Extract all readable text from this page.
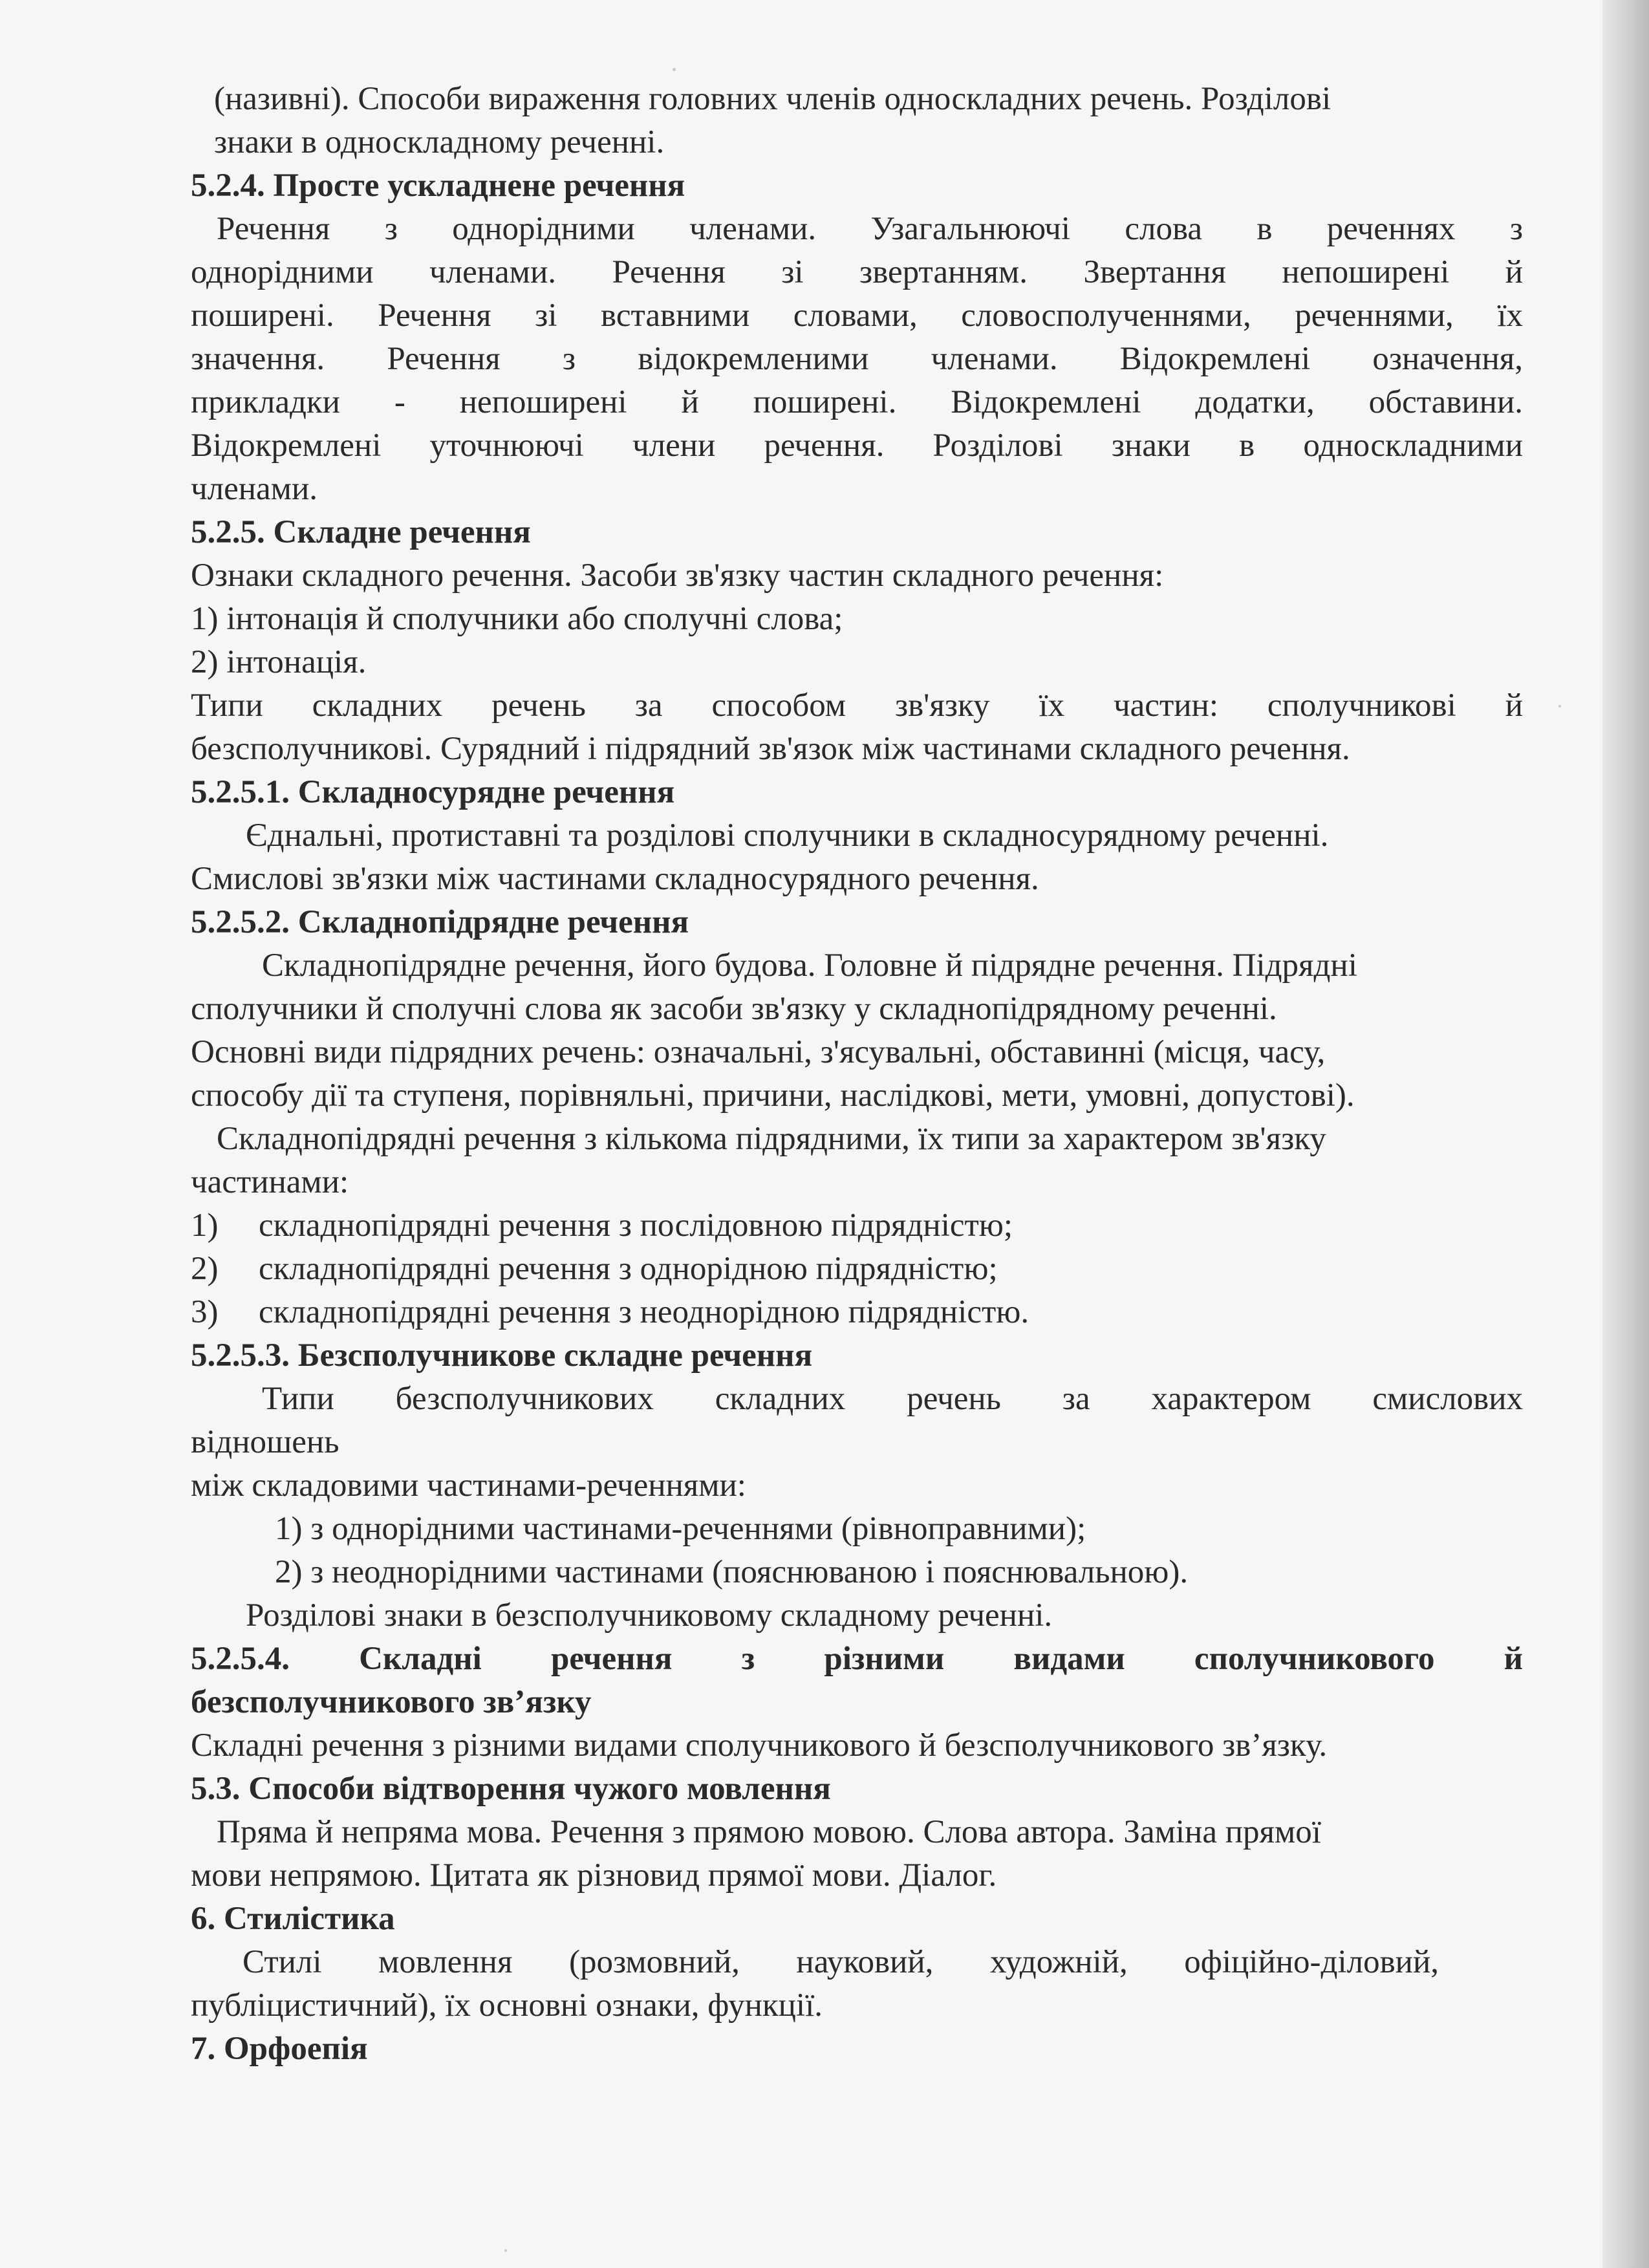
(називні). Способи вираження головних членів односкладних речень. Розділові
знаки в односкладному реченні.
5.2.4. Просте ускладнене речення
Речення з однорідними членами. Узагальнюючі слова в реченнях з
однорідними членами. Речення зі звертанням. Звертання непоширені й
поширені. Речення зі вставними словами, словосполученнями, реченнями, їх
значення. Речення з відокремленими членами. Відокремлені означення,
прикладки - непоширені й поширені. Відокремлені додатки, обставини.
Відокремлені уточнюючі члени речення. Розділові знаки в односкладними
членами.
5.2.5. Складне речення
Ознаки складного речення. Засоби зв'язку частин складного речення:
1) інтонація й сполучники або сполучні слова;
2) інтонація.
Типи складних речень за способом зв'язку їх частин: сполучникові й
безсполучникові. Сурядний і підрядний зв'язок між частинами складного речення.
5.2.5.1. Складносурядне речення
Єднальні, протиставні та розділові сполучники в складносурядному реченні.
Смислові зв'язки між частинами складносурядного речення.
5.2.5.2. Складнопідрядне речення
Складнопідрядне речення, його будова. Головне й підрядне речення. Підрядні
сполучники й сполучні слова як засоби зв'язку у складнопідрядному реченні.
Основні види підрядних речень: означальні, з'ясувальні, обставинні (місця, часу,
способу дії та ступеня, порівняльні, причини, наслідкові, мети, умовні, допустові).
Складнопідрядні речення з кількома підрядними, їх типи за характером зв'язку
частинами:
1) складнопідрядні речення з послідовною підрядністю;
2) складнопідрядні речення з однорідною підрядністю;
3) складнопідрядні речення з неоднорідною підрядністю.
5.2.5.3. Безсполучникове складне речення
Типи безсполучникових складних речень за характером смислових
відношень
між складовими частинами-реченнями:
1) з однорідними частинами-реченнями (рівноправними);
2) з неоднорідними частинами (пояснюваною і пояснювальною).
Розділові знаки в безсполучниковому складному реченні.
5.2.5.4. Складні речення з різними видами сполучникового й
безсполучникового зв’язку
Складні речення з різними видами сполучникового й безсполучникового зв’язку.
5.3. Способи відтворення чужого мовлення
Пряма й непряма мова. Речення з прямою мовою. Слова автора. Заміна прямої
мови непрямою. Цитата як різновид прямої мови. Діалог.
6. Стилістика
Стилі мовлення (розмовний, науковий, художній, офіційно-діловий,
публіцистичний), їх основні ознаки, функції.
7. Орфоепія
